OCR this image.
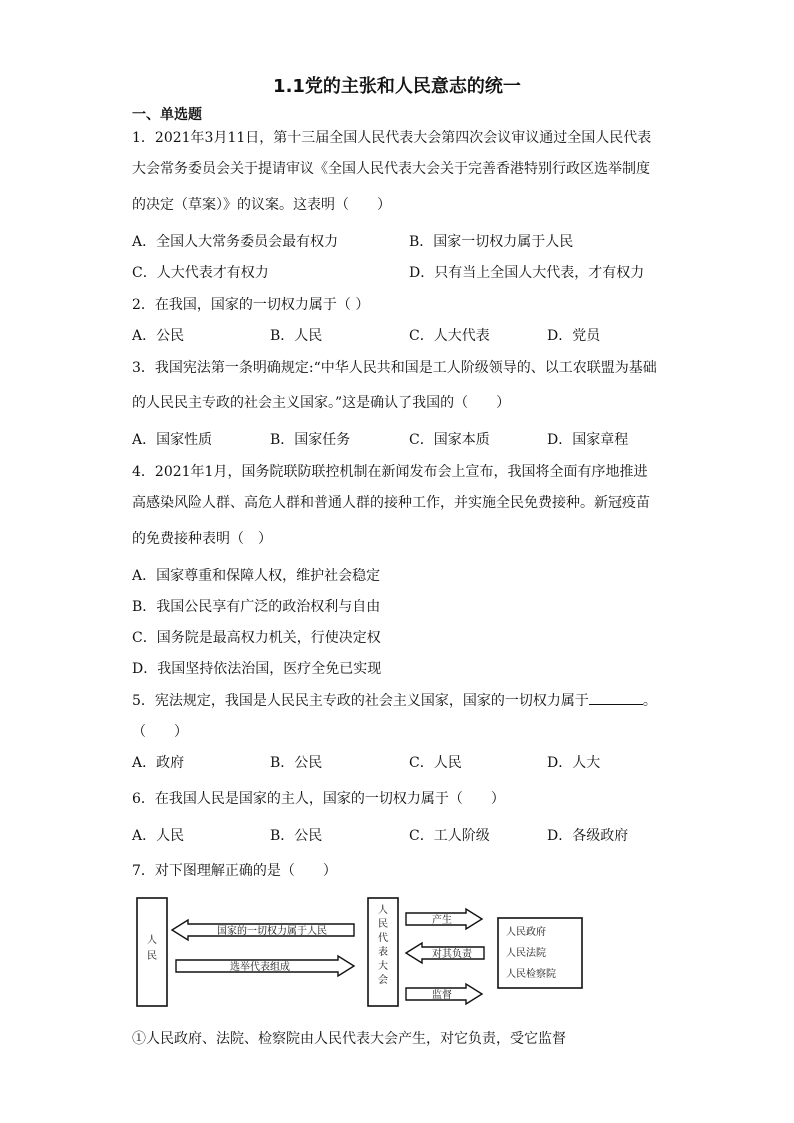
1.1党的主张和人民意志的统一
一、单选题
1．2021年3月11日，第十三届全国人民代表大会第四次会议审议通过全国人民代表
大会常务委员会关于提请审议《全国人民代表大会关于完善香港特别行政区选举制度
的决定（草案）》的议案。这表明（　　）
A．全国人大常务委员会最有权力	B．国家一切权力属于人民
C．人大代表才有权力	D．只有当上全国人大代表，才有权力
2．在我国，国家的一切权力属于（ ）
A．公民	B．人民	C．人大代表	D．党员
3．我国宪法第一条明确规定:“中华人民共和国是工人阶级领导的、以工农联盟为基础
的人民民主专政的社会主义国家。”这是确认了我国的（　　）
A．国家性质	B．国家任务	C．国家本质	D．国家章程
4．2021年1月，国务院联防联控机制在新闻发布会上宣布，我国将全面有序地推进
高感染风险人群、高危人群和普通人群的接种工作，并实施全民免费接种。新冠疫苗
的免费接种表明（　）
A．国家尊重和保障人权，维护社会稳定
B．我国公民享有广泛的政治权利与自由
C．国务院是最高权力机关，行使决定权
D．我国坚持依法治国，医疗全免已实现
5．宪法规定，我国是人民民主专政的社会主义国家，国家的一切权力属于	。
（　　）
A．政府	B．公民	C．人民	D．人大
6．在我国人民是国家的主人，国家的一切权力属于（　　）
A．人民	B．公民	C．工人阶级	D．各级政府
7．对下图理解正确的是（　　）
人
民
国家的一切权力属于人民
选举代表组成
人
民
代
表
大
会
产生
对其负责
监督
人民政府
人民法院
人民检察院
①人民政府、法院、检察院由人民代表大会产生，对它负责，受它监督
